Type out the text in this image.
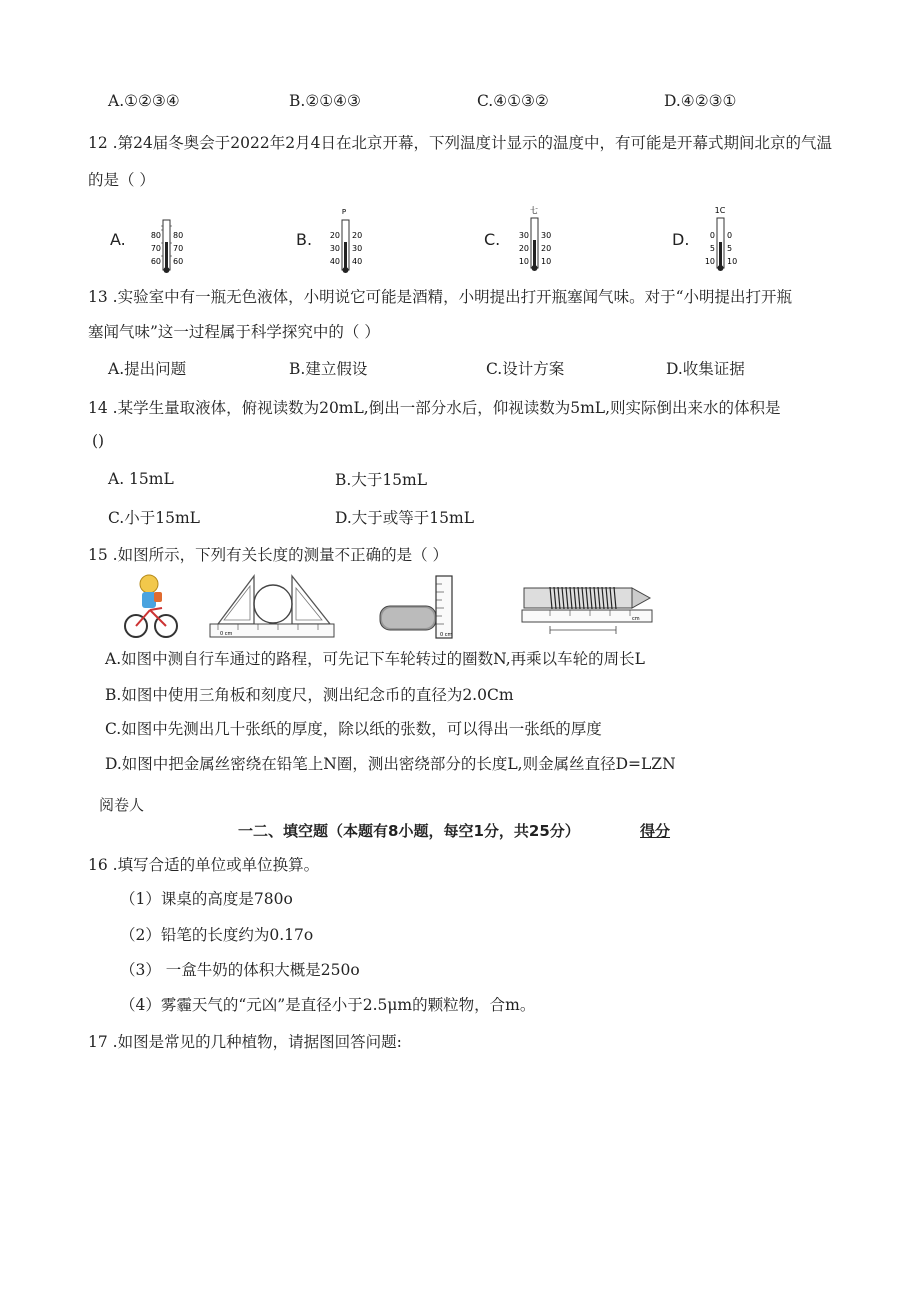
A.①②③④	B.②①④③	C.④①③②	D.④②③①
12 .第24届冬奥会于2022年2月4日在北京开幕，下列温度计显示的温度中，有可能是开幕式期间北京的气温
的是（ ）
A.	80
70
60
80
70
60
B.
P
20
30
40
20
30
40
C.
七
30
20
10
30
20
10
D.
1C
0
5
10
0
5
10
13 .实验室中有一瓶无色液体，小明说它可能是酒精，小明提出打开瓶塞闻气味。对于“小明提出打开瓶
塞闻气味”这一过程属于科学探究中的（ ）
A.提出问题	B.建立假设	C.设计方案	D.收集证据
14 .某学生量取液体，俯视读数为20mL,倒出一部分水后，仰视读数为5mL,则实际倒出来水的体积是
()
A. 15mL	B.大于15mL
C.小于15mL	D.大于或等于15mL
15 .如图所示，下列有关长度的测量不正确的是（ ）
0 cm	0 cm
cm
A.如图中测自行车通过的路程，可先记下车轮转过的圈数N,再乘以车轮的周长L
B.如图中使用三角板和刻度尺，测出纪念币的直径为2.0Cm
C.如图中先测出几十张纸的厚度，除以纸的张数，可以得出一张纸的厚度
D.如图中把金属丝密绕在铅笔上N圈，测出密绕部分的长度L,则金属丝直径D=LZN
阅卷人
一二、填空题（本题有8小题，每空1分，共25分）	得分
16 .填写合适的单位或单位换算。
（1）课桌的高度是780o
（2）铅笔的长度约为0.17o
（3） 一盒牛奶的体积大概是250o
（4）雾霾天气的“元凶”是直径小于2.5μm的颗粒物，合m。
17 .如图是常见的几种植物，请据图回答问题:
